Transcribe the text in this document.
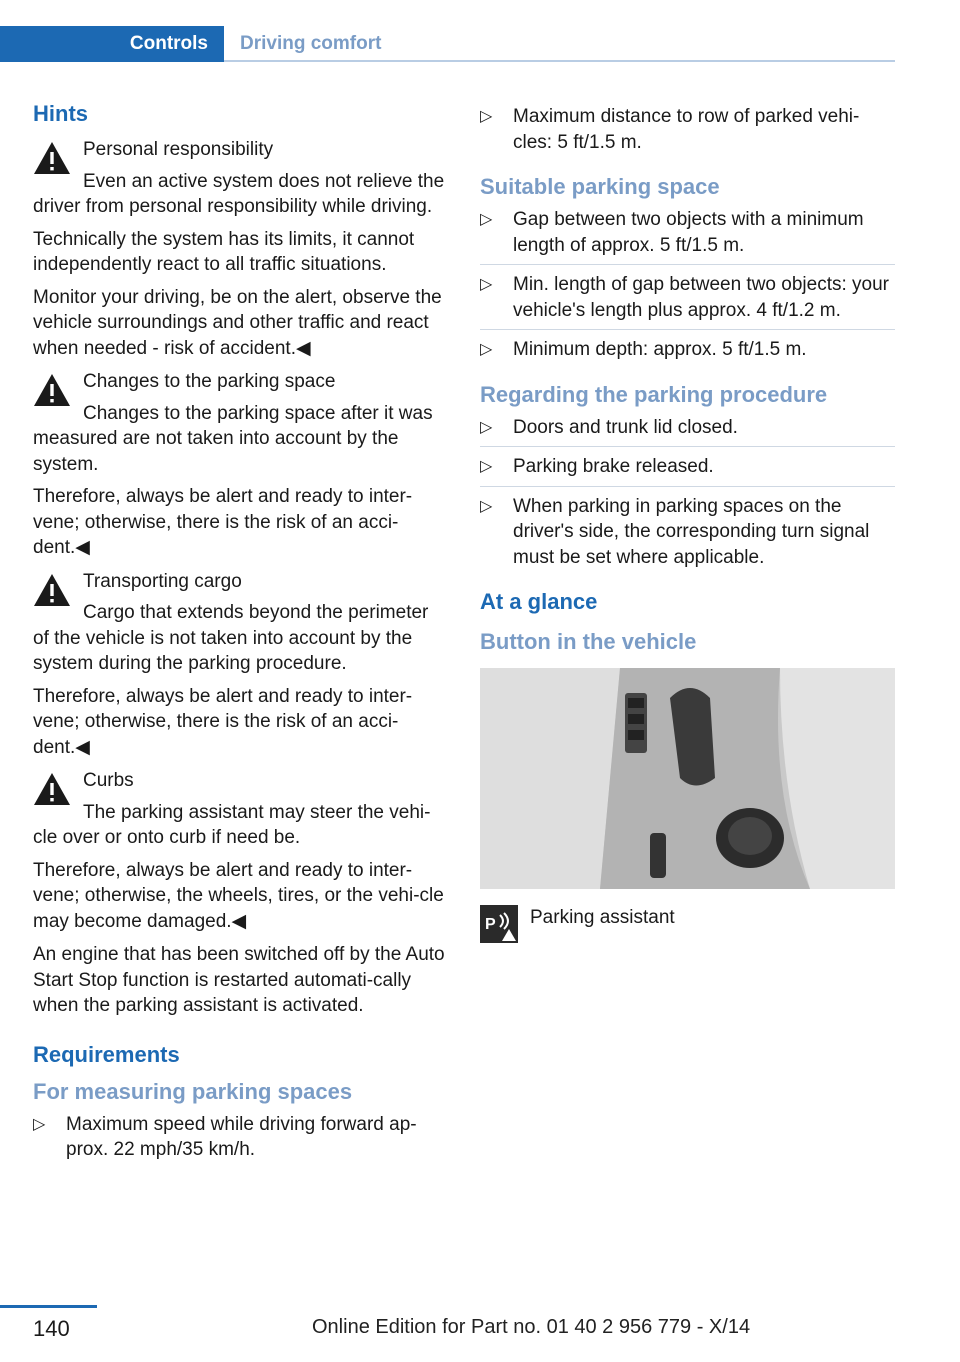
Controls	Driving comfort
Hints
Personal responsibility

Even an active system does not relieve the driver from personal responsibility while driving.

Technically the system has its limits, it cannot independently react to all traffic situations.

Monitor your driving, be on the alert, observe the vehicle surroundings and other traffic and react when needed - risk of accident.◀

Changes to the parking space

Changes to the parking space after it was measured are not taken into account by the system.

Therefore, always be alert and ready to inter‐vene; otherwise, there is the risk of an acci‐dent.◀

Transporting cargo

Cargo that extends beyond the perimeter of the vehicle is not taken into account by the system during the parking procedure.

Therefore, always be alert and ready to inter‐vene; otherwise, there is the risk of an acci‐dent.◀

Curbs

The parking assistant may steer the vehi‐cle over or onto curb if need be.

Therefore, always be alert and ready to inter‐vene; otherwise, the wheels, tires, or the vehi‐cle may become damaged.◀

An engine that has been switched off by the Auto Start Stop function is restarted automati‐cally when the parking assistant is activated.

Requirements
For measuring parking spaces
▷ Maximum speed while driving forward ap‐prox. 22 mph/35 km/h.
▷ Maximum distance to row of parked vehi‐cles: 5 ft/1.5 m.
Suitable parking space
▷ Gap between two objects with a minimum length of approx. 5 ft/1.5 m.
▷ Min. length of gap between two objects: your vehicle's length plus approx. 4 ft/1.2 m.
▷ Minimum depth: approx. 5 ft/1.5 m.
Regarding the parking procedure
▷ Doors and trunk lid closed.
▷ Parking brake released.
▷ When parking in parking spaces on the driver's side, the corresponding turn signal must be set where applicable.
At a glance
Button in the vehicle
P Parking assistant
140	Online Edition for Part no. 01 40 2 956 779 - X/14
